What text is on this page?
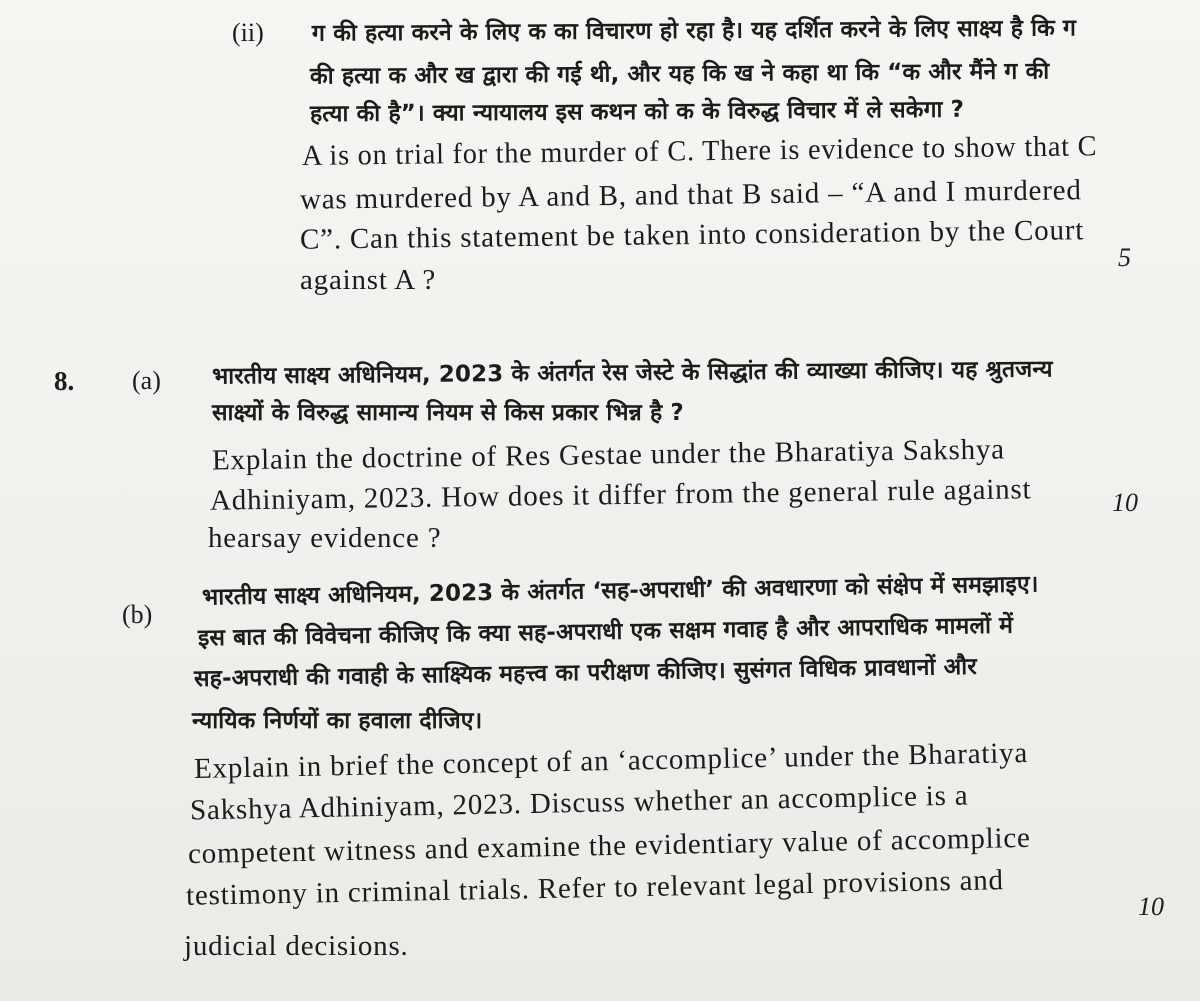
(ii) ग की हत्या करने के लिए क का विचारण हो रहा है। यह दर्शित करने के लिए साक्ष्य है कि ग
की हत्या क और ख द्वारा की गई थी, और यह कि ख ने कहा था कि “क और मैंने ग की
हत्या की है”। क्या न्यायालय इस कथन को क के विरुद्ध विचार में ले सकेगा ?
A is on trial for the murder of C. There is evidence to show that C
was murdered by A and B, and that B said – “A and I murdered
C”. Can this statement be taken into consideration by the Court
against A ?
5
8. (a) भारतीय साक्ष्य अधिनियम, 2023 के अंतर्गत रेस जेस्टे के सिद्धांत की व्याख्या कीजिए। यह श्रुतजन्य
साक्ष्यों के विरुद्ध सामान्य नियम से किस प्रकार भिन्न है ?
Explain the doctrine of Res Gestae under the Bharatiya Sakshya
Adhiniyam, 2023. How does it differ from the general rule against
hearsay evidence ?
10
(b)
भारतीय साक्ष्य अधिनियम, 2023 के अंतर्गत ‘सह-अपराधी’ की अवधारणा को संक्षेप में समझाइए।
इस बात की विवेचना कीजिए कि क्या सह-अपराधी एक सक्षम गवाह है और आपराधिक मामलों में
सह-अपराधी की गवाही के साक्ष्यिक महत्त्व का परीक्षण कीजिए। सुसंगत विधिक प्रावधानों और
न्यायिक निर्णयों का हवाला दीजिए।
Explain in brief the concept of an ‘accomplice’ under the Bharatiya
Sakshya Adhiniyam, 2023. Discuss whether an accomplice is a
competent witness and examine the evidentiary value of accomplice
testimony in criminal trials. Refer to relevant legal provisions and
judicial decisions.
10
